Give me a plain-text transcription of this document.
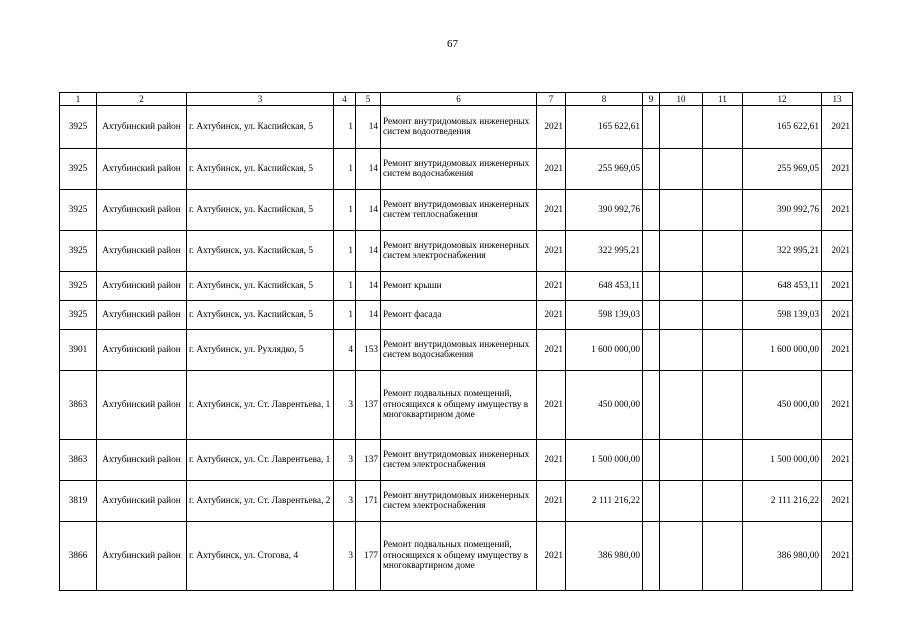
67
1	2	3	4	5	6	7	8	9	10	11	12	13
3925	Ахтубинский район	г. Ахтубинск, ул. Каспийская, 5	1	14	Ремонт внутридомовых инженерных систем водоотведения	2021	165 622,61				165 622,61	2021
3925	Ахтубинский район	г. Ахтубинск, ул. Каспийская, 5	1	14	Ремонт внутридомовых инженерных систем водоснабжения	2021	255 969,05				255 969,05	2021
3925	Ахтубинский район	г. Ахтубинск, ул. Каспийская, 5	1	14	Ремонт внутридомовых инженерных систем теплоснабжения	2021	390 992,76				390 992,76	2021
3925	Ахтубинский район	г. Ахтубинск, ул. Каспийская, 5	1	14	Ремонт внутридомовых инженерных систем электроснабжения	2021	322 995,21				322 995,21	2021
3925	Ахтубинский район	г. Ахтубинск, ул. Каспийская, 5	1	14	Ремонт крыши	2021	648 453,11				648 453,11	2021
3925	Ахтубинский район	г. Ахтубинск, ул. Каспийская, 5	1	14	Ремонт фасада	2021	598 139,03				598 139,03	2021
3901	Ахтубинский район	г. Ахтубинск, ул. Рухлядко, 5	4	153	Ремонт внутридомовых инженерных систем водоснабжения	2021	1 600 000,00				1 600 000,00	2021
3863	Ахтубинский район	г. Ахтубинск, ул. Ст. Лаврентьева, 1	3	137	Ремонт подвальных помещений, относящихся к общему имуществу в многоквартирном доме	2021	450 000,00				450 000,00	2021
3863	Ахтубинский район	г. Ахтубинск, ул. Ст. Лаврентьева, 1	3	137	Ремонт внутридомовых инженерных систем электроснабжения	2021	1 500 000,00				1 500 000,00	2021
3819	Ахтубинский район	г. Ахтубинск, ул. Ст. Лаврентьева, 2	3	171	Ремонт внутридомовых инженерных систем электроснабжения	2021	2 111 216,22				2 111 216,22	2021
3866	Ахтубинский район	г. Ахтубинск, ул. Стогова, 4	3	177	Ремонт подвальных помещений, относящихся к общему имуществу в многоквартирном доме	2021	386 980,00				386 980,00	2021
